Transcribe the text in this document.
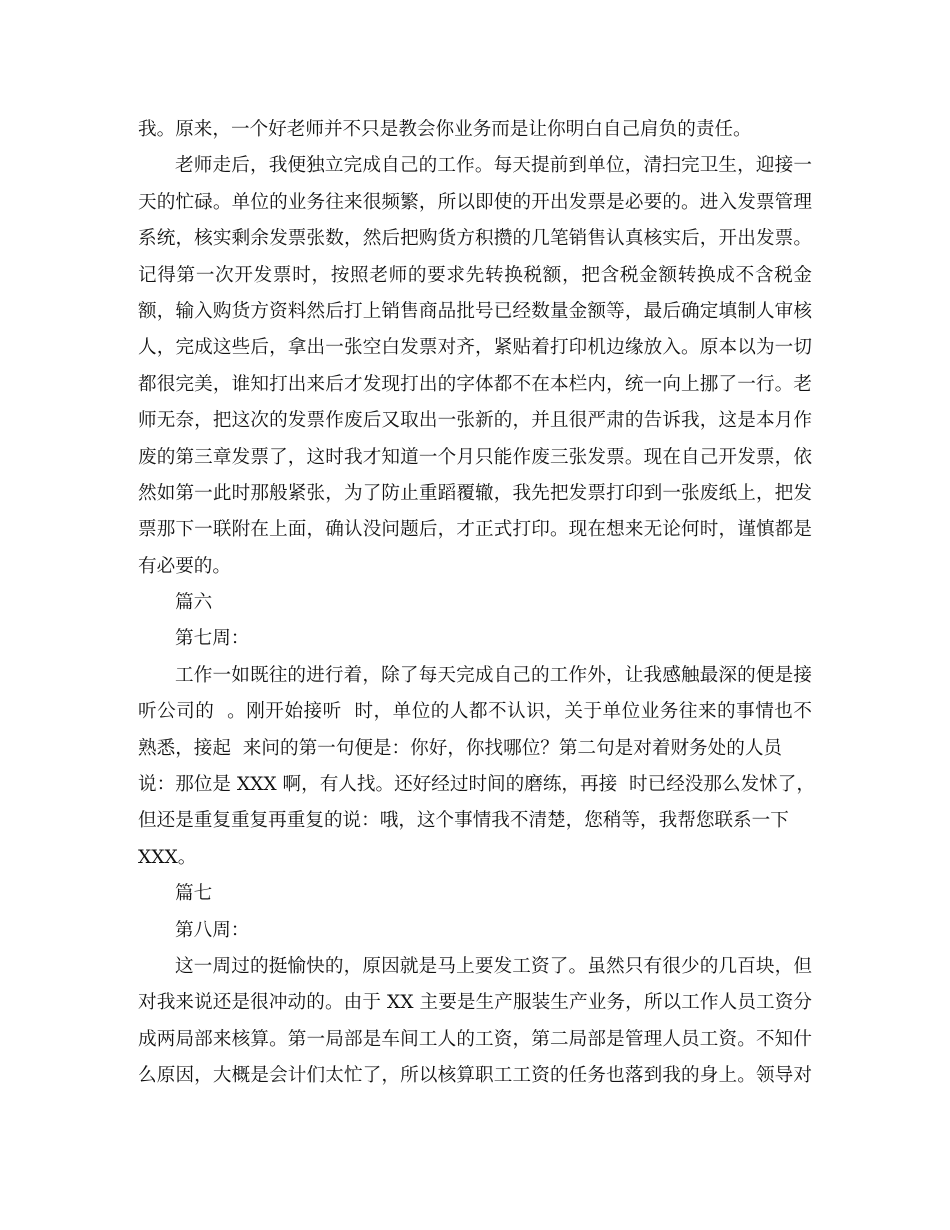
我。原来，一个好老师并不只是教会你业务而是让你明白自己肩负的责任。
老师走后，我便独立完成自己的工作。每天提前到单位，清扫完卫生，迎接一
天的忙碌。单位的业务往来很频繁，所以即使的开出发票是必要的。进入发票管理
系统，核实剩余发票张数，然后把购货方积攒的几笔销售认真核实后，开出发票。
记得第一次开发票时，按照老师的要求先转换税额，把含税金额转换成不含税金
额，输入购货方资料然后打上销售商品批号已经数量金额等，最后确定填制人审核
人，完成这些后，拿出一张空白发票对齐，紧贴着打印机边缘放入。原本以为一切
都很完美，谁知打出来后才发现打出的字体都不在本栏内，统一向上挪了一行。老
师无奈，把这次的发票作废后又取出一张新的，并且很严肃的告诉我，这是本月作
废的第三章发票了，这时我才知道一个月只能作废三张发票。现在自己开发票，依
然如第一此时那般紧张，为了防止重蹈覆辙，我先把发票打印到一张废纸上，把发
票那下一联附在上面，确认没问题后，才正式打印。现在想来无论何时，谨慎都是
有必要的。
篇六
第七周：
工作一如既往的进行着，除了每天完成自己的工作外，让我感触最深的便是接
听公司的  。刚开始接听  时，单位的人都不认识，关于单位业务往来的事情也不
熟悉，接起  来问的第一句便是：你好，你找哪位？第二句是对着财务处的人员
说：那位是 XXX 啊，有人找。还好经过时间的磨练，再接  时已经没那么发怵了，
但还是重复重复再重复的说：哦，这个事情我不清楚，您稍等，我帮您联系一下
XXX。
篇七
第八周：
这一周过的挺愉快的，原因就是马上要发工资了。虽然只有很少的几百块，但
对我来说还是很冲动的。由于 XX 主要是生产服装生产业务，所以工作人员工资分
成两局部来核算。第一局部是车间工人的工资，第二局部是管理人员工资。不知什
么原因，大概是会计们太忙了，所以核算职工工资的任务也落到我的身上。领导对
